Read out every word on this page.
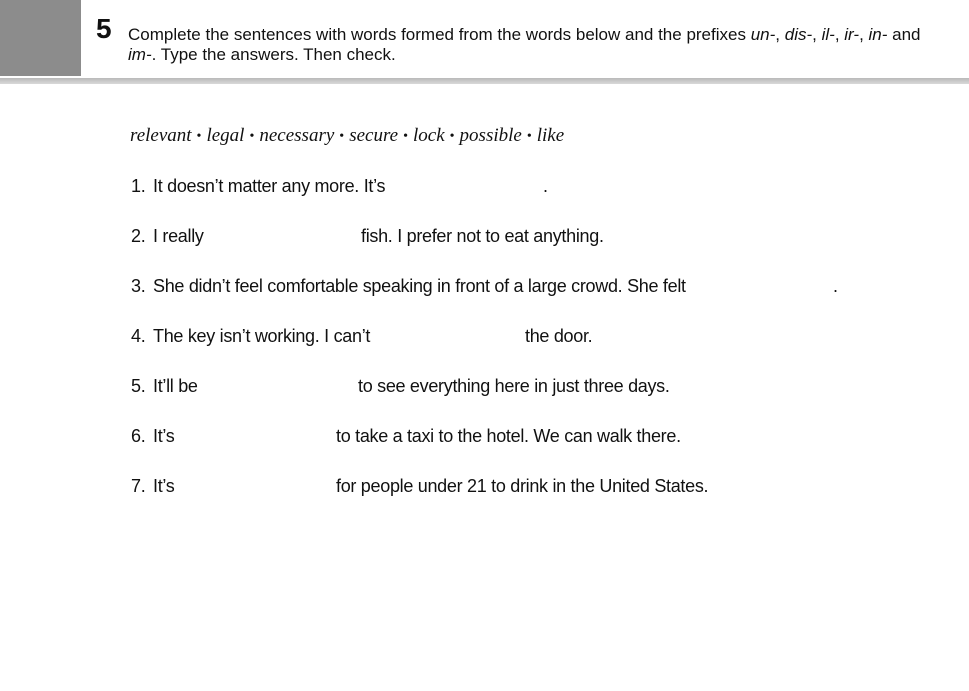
5 Complete the sentences with words formed from the words below and the prefixes un-, dis-, il-, ir-, in- and im-. Type the answers. Then check.
relevant • legal • necessary • secure • lock • possible • like
1. It doesn’t matter any more. It’s	.
2. I really	fish. I prefer not to eat anything.
3. She didn’t feel comfortable speaking in front of a large crowd. She felt	.
4. The key isn’t working. I can’t	the door.
5. It’ll be	to see everything here in just three days.
6. It’s	to take a taxi to the hotel. We can walk there.
7. It’s	for people under 21 to drink in the United States.
